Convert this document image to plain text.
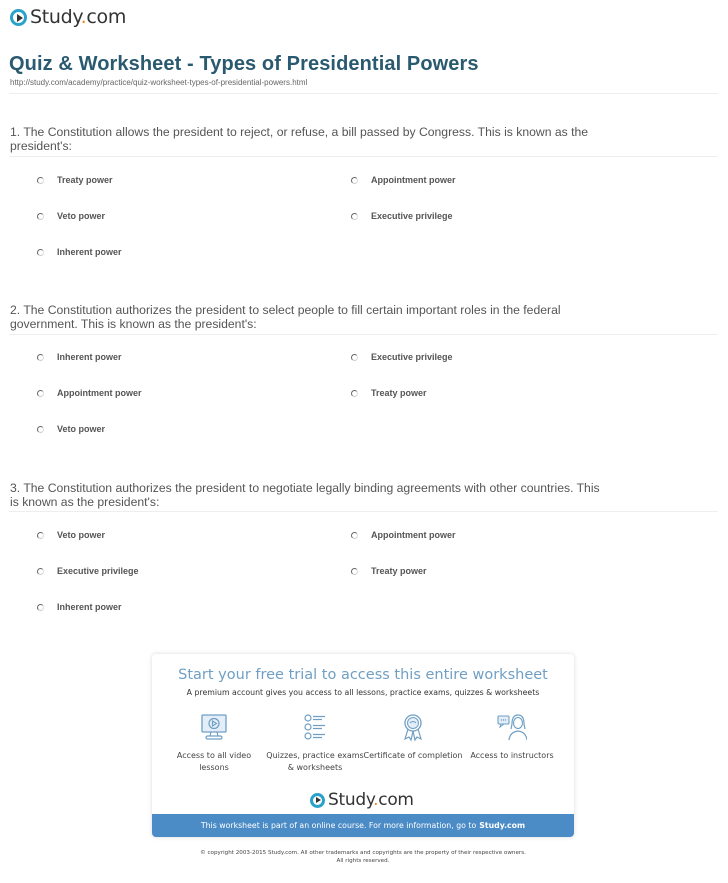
Study.com
Quiz & Worksheet - Types of Presidential Powers
http://study.com/academy/practice/quiz-worksheet-types-of-presidential-powers.html
1. The Constitution allows the president to reject, or refuse, a bill passed by Congress. This is known as the president's:
Treaty power	Appointment power
Veto power	Executive privilege
Inherent power
2. The Constitution authorizes the president to select people to fill certain important roles in the federal government. This is known as the president's:
Inherent power	Executive privilege
Appointment power	Treaty power
Veto power
3. The Constitution authorizes the president to negotiate legally binding agreements with other countries. This is known as the president's:
Veto power	Appointment power
Executive privilege	Treaty power
Inherent power
Start your free trial to access this entire worksheet
A premium account gives you access to all lessons, practice exams, quizzes & worksheets
Access to all video lessons
Quizzes, practice exams & worksheets
Certificate of completion Access to instructors
Study.com
This worksheet is part of an online course. For more information, go to Study.com
© copyright 2003-2015 Study.com. All other trademarks and copyrights are the property of their respective owners.
All rights reserved.
